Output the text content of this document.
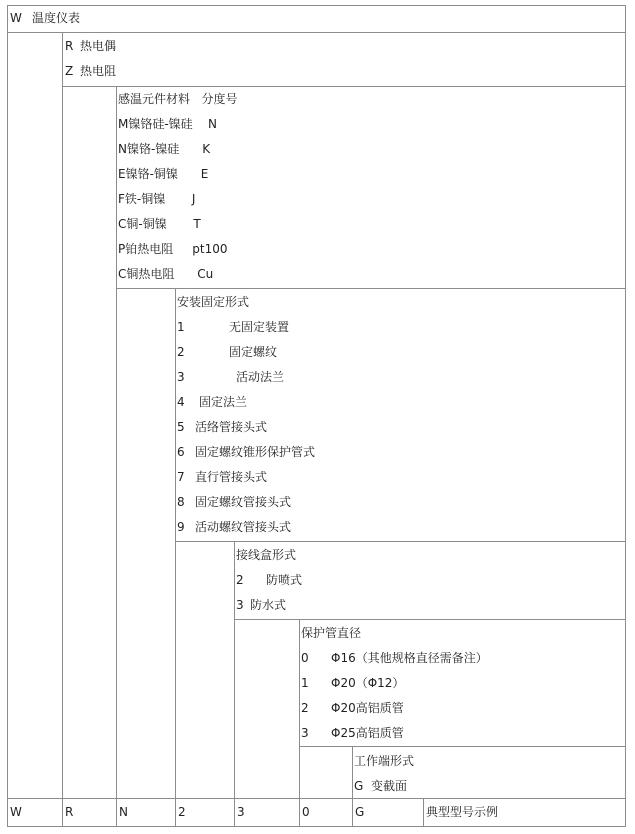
W 温度仪表
R 热电偶
Z 热电阻
感温元件材料   分度号
M镍铬硅-镍硅    N
N镍铬-镍硅      K
E镍铬-铜镍      E
F铁-铜镍       J
C铜-铜镍       T
P铂热电阻     pt100
C铜热电阻      Cu
安装固定形式
1	无固定装置
2	固定螺纹
3	活动法兰
4 固定法兰
5 活络管接头式
6 固定螺纹锥形保护管式
7 直行管接头式
8 固定螺纹管接头式
9 活动螺纹管接头式
接线盒形式
2 防喷式
3 防水式
保护管直径
0 Φ16（其他规格直径需备注）
1 Φ20（Φ12）
2 Φ20高铝质管
3 Φ25高铝质管
工作端形式
G 变截面
W	R	N	2	3	0	G	典型型号示例
